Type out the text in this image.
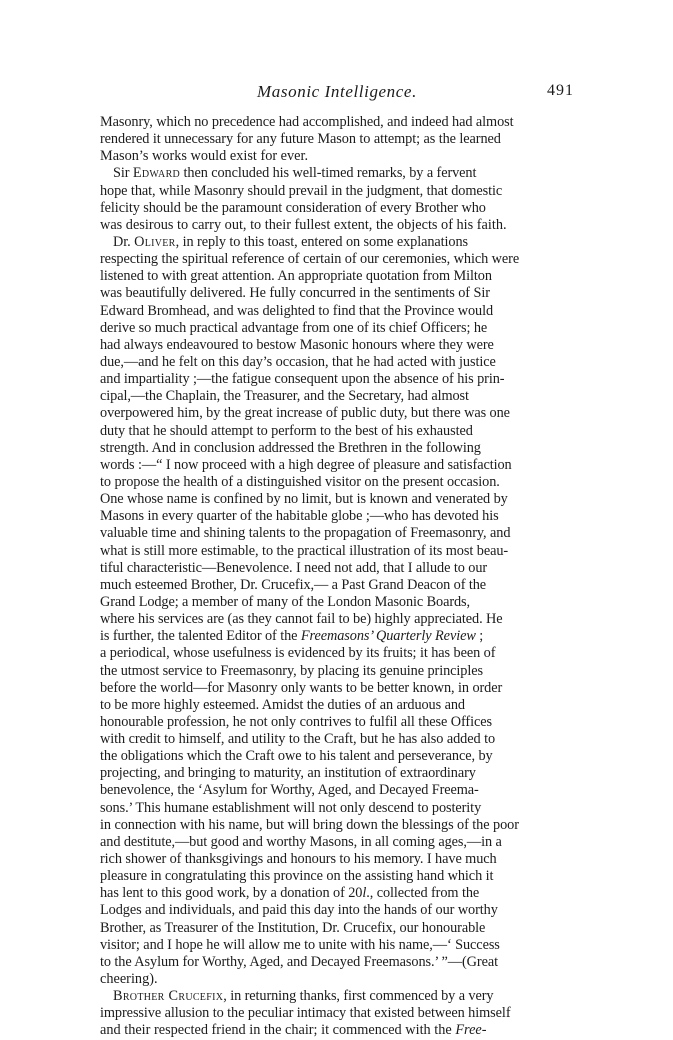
Masonic Intelligence.	491
Masonry, which no precedence had accomplished, and indeed had almost
rendered it unnecessary for any future Mason to attempt; as the learned
Mason’s works would exist for ever.
Sir Edward then concluded his well-timed remarks, by a fervent
hope that, while Masonry should prevail in the judgment, that domestic
felicity should be the paramount consideration of every Brother who
was desirous to carry out, to their fullest extent, the objects of his faith.
Dr. Oliver, in reply to this toast, entered on some explanations
respecting the spiritual reference of certain of our ceremonies, which were
listened to with great attention. An appropriate quotation from Milton
was beautifully delivered. He fully concurred in the sentiments of Sir
Edward Bromhead, and was delighted to find that the Province would
derive so much practical advantage from one of its chief Officers; he
had always endeavoured to bestow Masonic honours where they were
due,—and he felt on this day’s occasion, that he had acted with justice
and impartiality ;—the fatigue consequent upon the absence of his prin-
cipal,—the Chaplain, the Treasurer, and the Secretary, had almost
overpowered him, by the great increase of public duty, but there was one
duty that he should attempt to perform to the best of his exhausted
strength. And in conclusion addressed the Brethren in the following
words :—“ I now proceed with a high degree of pleasure and satisfaction
to propose the health of a distinguished visitor on the present occasion.
One whose name is confined by no limit, but is known and venerated by
Masons in every quarter of the habitable globe ;—who has devoted his
valuable time and shining talents to the propagation of Freemasonry, and
what is still more estimable, to the practical illustration of its most beau-
tiful characteristic—Benevolence. I need not add, that I allude to our
much esteemed Brother, Dr. Crucefix,— a Past Grand Deacon of the
Grand Lodge; a member of many of the London Masonic Boards,
where his services are (as they cannot fail to be) highly appreciated. He
is further, the talented Editor of the Freemasons’ Quarterly Review ;
a periodical, whose usefulness is evidenced by its fruits; it has been of
the utmost service to Freemasonry, by placing its genuine principles
before the world—for Masonry only wants to be better known, in order
to be more highly esteemed. Amidst the duties of an arduous and
honourable profession, he not only contrives to fulfil all these Offices
with credit to himself, and utility to the Craft, but he has also added to
the obligations which the Craft owe to his talent and perseverance, by
projecting, and bringing to maturity, an institution of extraordinary
benevolence, the ‘Asylum for Worthy, Aged, and Decayed Freema-
sons.’ This humane establishment will not only descend to posterity
in connection with his name, but will bring down the blessings of the poor
and destitute,—but good and worthy Masons, in all coming ages,—in a
rich shower of thanksgivings and honours to his memory. I have much
pleasure in congratulating this province on the assisting hand which it
has lent to this good work, by a donation of 20l., collected from the
Lodges and individuals, and paid this day into the hands of our worthy
Brother, as Treasurer of the Institution, Dr. Crucefix, our honourable
visitor; and I hope he will allow me to unite with his name,—‘ Success
to the Asylum for Worthy, Aged, and Decayed Freemasons.’ ”—(Great
cheering).
Brother Crucefix, in returning thanks, first commenced by a very
impressive allusion to the peculiar intimacy that existed between himself
and their respected friend in the chair; it commenced with the Free-
